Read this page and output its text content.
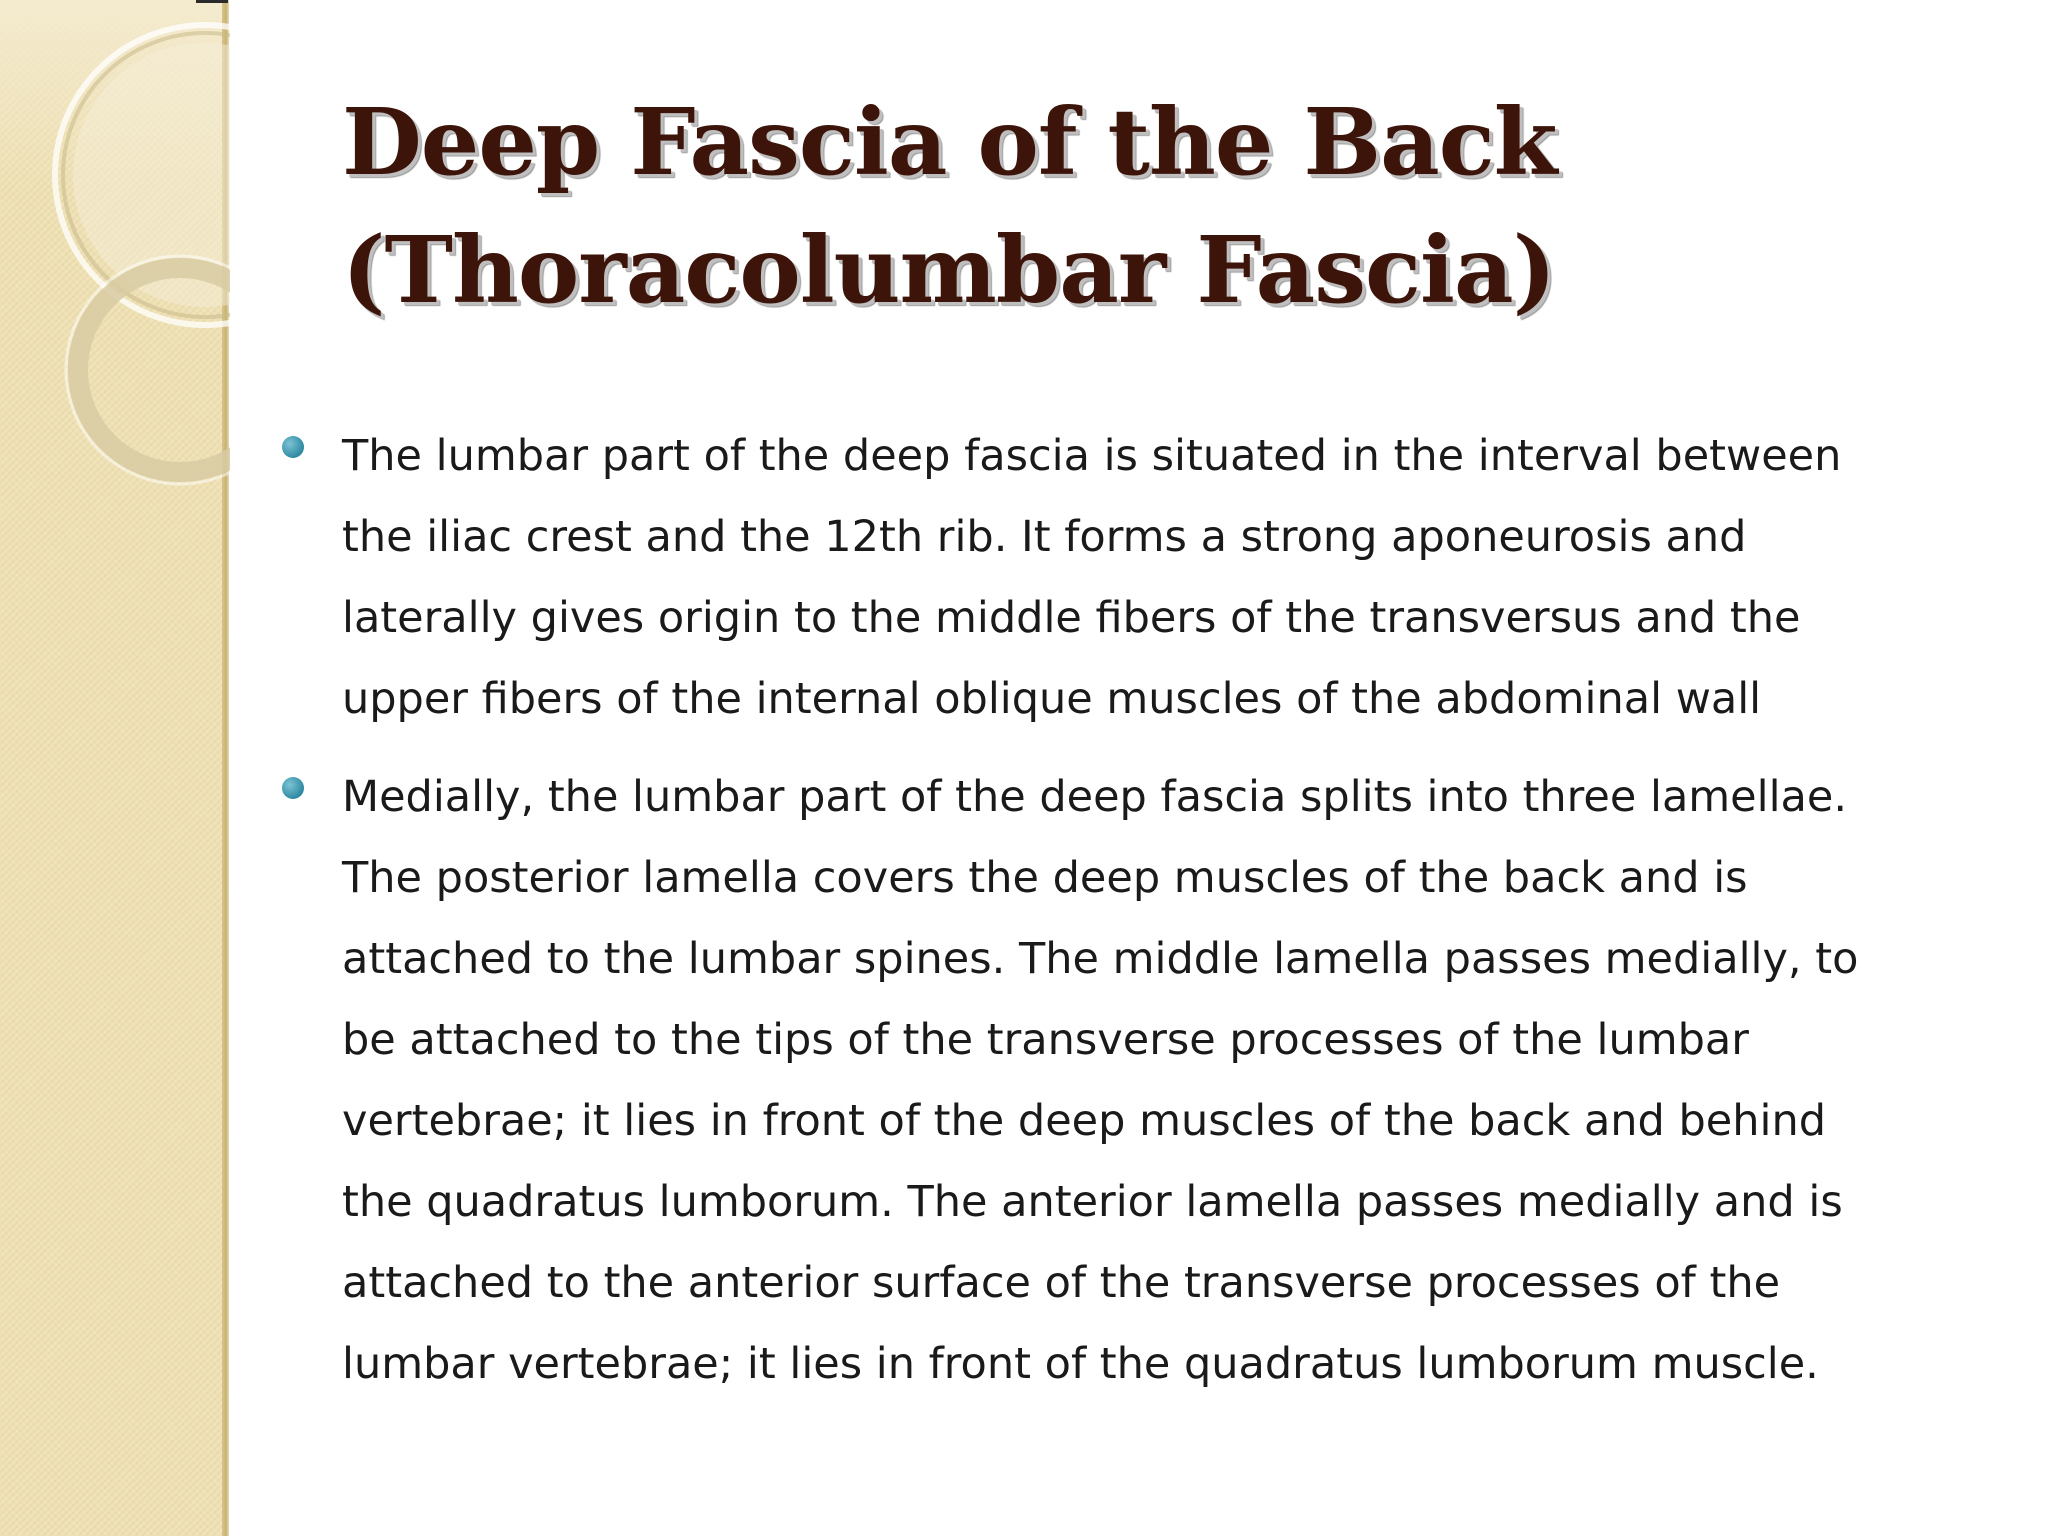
Deep Fascia of the Back
(Thoracolumbar Fascia)
The lumbar part of the deep fascia is situated in the interval between the iliac crest and the 12th rib. It forms a strong aponeurosis and laterally gives origin to the middle fibers of the transversus and the upper fibers of the internal oblique muscles of the abdominal wall
Medially, the lumbar part of the deep fascia splits into three lamellae. The posterior lamella covers the deep muscles of the back and is attached to the lumbar spines. The middle lamella passes medially, to be attached to the tips of the transverse processes of the lumbar vertebrae; it lies in front of the deep muscles of the back and behind the quadratus lumborum. The anterior lamella passes medially and is attached to the anterior surface of the transverse processes of the lumbar vertebrae; it lies in front of the quadratus lumborum muscle.
